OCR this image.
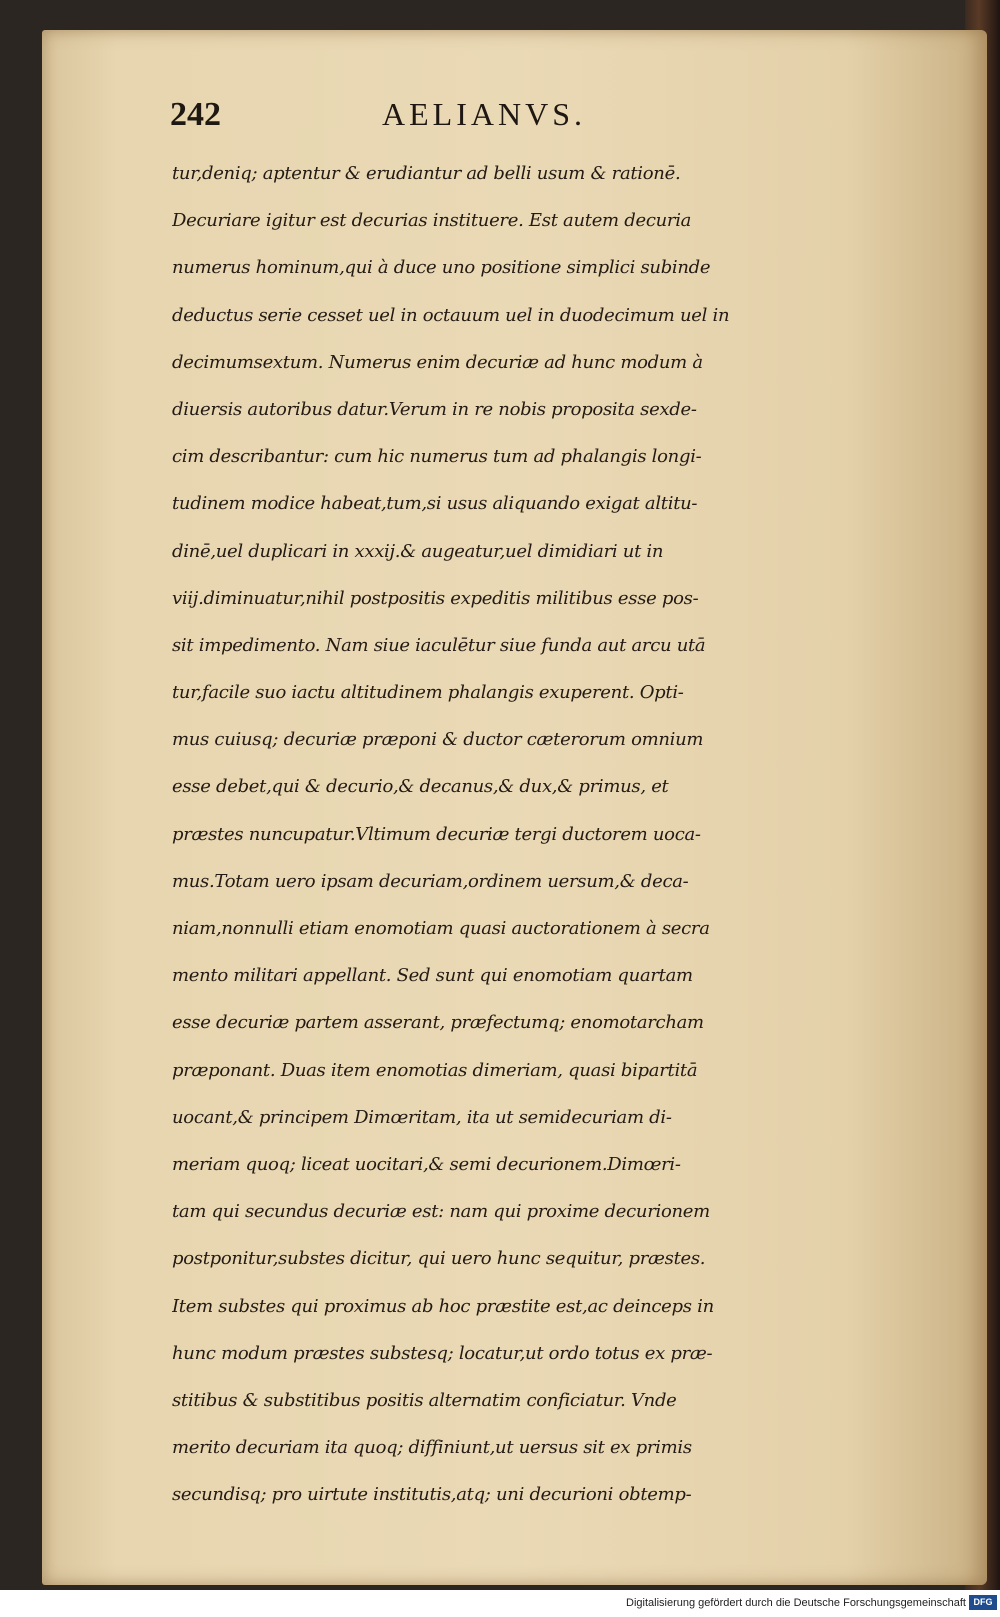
242	AELIANVS.
tur,deniq; aptentur & erudiantur ad belli usum & rationē.
Decuriare igitur est decurias instituere. Est autem decuria
numerus hominum,qui à duce uno positione simplici subinde
deductus serie cesset uel in octauum uel in duodecimum uel in
decimumsextum. Numerus enim decuriæ ad hunc modum à
diuersis autoribus datur.Verum in re nobis proposita sexde-
cim describantur: cum hic numerus tum ad phalangis longi-
tudinem modice habeat,tum,si usus aliquando exigat altitu-
dinē,uel duplicari in xxxij.& augeatur,uel dimidiari ut in
viij.diminuatur,nihil postpositis expeditis militibus esse pos-
sit impedimento. Nam siue iaculētur siue funda aut arcu utā
tur,facile suo iactu altitudinem phalangis exuperent. Opti-
mus cuiusq; decuriæ præponi & ductor cæterorum omnium
esse debet,qui & decurio,& decanus,& dux,& primus, et
præstes nuncupatur.Vltimum decuriæ tergi ductorem uoca-
mus.Totam uero ipsam decuriam,ordinem uersum,& deca-
niam,nonnulli etiam enomotiam quasi auctorationem à secra
mento militari appellant. Sed sunt qui enomotiam quartam
esse decuriæ partem asserant, præfectumq; enomotarcham
præponant. Duas item enomotias dimeriam, quasi bipartitā
uocant,& principem Dimœritam, ita ut semidecuriam di-
meriam quoq; liceat uocitari,& semi decurionem.Dimœri-
tam qui secundus decuriæ est: nam qui proxime decurionem
postponitur,substes dicitur, qui uero hunc sequitur, præstes.
Item substes qui proximus ab hoc præstite est,ac deinceps in
hunc modum præstes substesq; locatur,ut ordo totus ex præ-
stitibus & substitibus positis alternatim conficiatur. Vnde
merito decuriam ita quoq; diffiniunt,ut uersus sit ex primis
secundisq; pro uirtute institutis,atq; uni decurioni obtemp-
Digitalisierung gefördert durch die Deutsche Forschungsgemeinschaft DFG
